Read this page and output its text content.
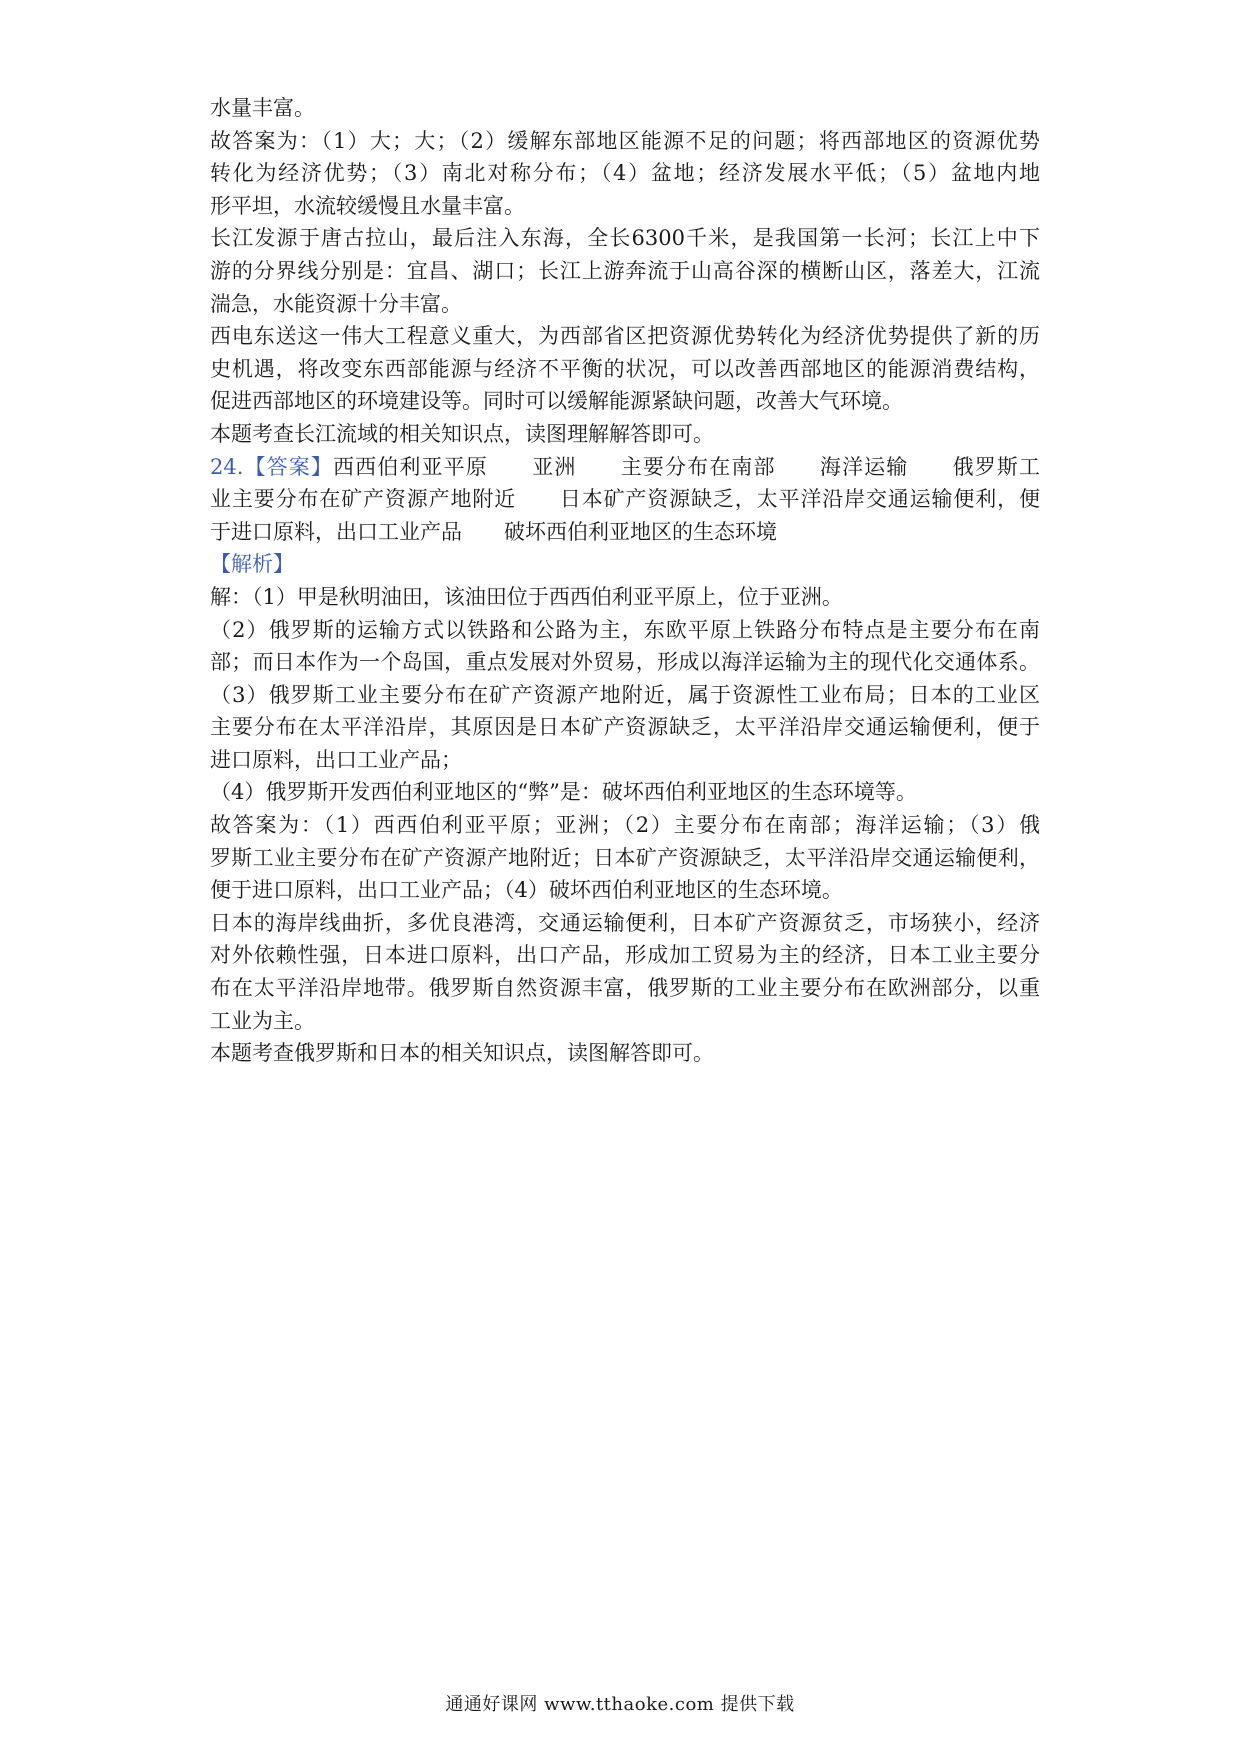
水量丰富。
故答案为：（1）大；大；（2）缓解东部地区能源不足的问题；将西部地区的资源优势
转化为经济优势；（3）南北对称分布；（4）盆地；经济发展水平低；（5）盆地内地
形平坦，水流较缓慢且水量丰富。
长江发源于唐古拉山，最后注入东海，全长6300千米，是我国第一长河；长江上中下
游的分界线分别是：宜昌、湖口；长江上游奔流于山高谷深的横断山区，落差大，江流
湍急，水能资源十分丰富。
西电东送这一伟大工程意义重大，为西部省区把资源优势转化为经济优势提供了新的历
史机遇，将改变东西部能源与经济不平衡的状况，可以改善西部地区的能源消费结构，
促进西部地区的环境建设等。同时可以缓解能源紧缺问题，改善大气环境。
本题考查长江流域的相关知识点，读图理解解答即可。
24.【答案】西西伯利亚平原　　亚洲　　主要分布在南部　　海洋运输　　俄罗斯工
业主要分布在矿产资源产地附近　　日本矿产资源缺乏，太平洋沿岸交通运输便利，便
于进口原料，出口工业产品　　破坏西伯利亚地区的生态环境
【解析】
解：（1）甲是秋明油田，该油田位于西西伯利亚平原上，位于亚洲。
（2）俄罗斯的运输方式以铁路和公路为主，东欧平原上铁路分布特点是主要分布在南
部；而日本作为一个岛国，重点发展对外贸易，形成以海洋运输为主的现代化交通体系。
（3）俄罗斯工业主要分布在矿产资源产地附近，属于资源性工业布局；日本的工业区
主要分布在太平洋沿岸，其原因是日本矿产资源缺乏，太平洋沿岸交通运输便利，便于
进口原料，出口工业产品；
（4）俄罗斯开发西伯利亚地区的“弊”是：破坏西伯利亚地区的生态环境等。
故答案为：（1）西西伯利亚平原；亚洲；（2）主要分布在南部；海洋运输；（3）俄
罗斯工业主要分布在矿产资源产地附近；日本矿产资源缺乏，太平洋沿岸交通运输便利，
便于进口原料，出口工业产品；（4）破坏西伯利亚地区的生态环境。
日本的海岸线曲折，多优良港湾，交通运输便利，日本矿产资源贫乏，市场狭小，经济
对外依赖性强，日本进口原料，出口产品，形成加工贸易为主的经济，日本工业主要分
布在太平洋沿岸地带。俄罗斯自然资源丰富，俄罗斯的工业主要分布在欧洲部分，以重
工业为主。
本题考查俄罗斯和日本的相关知识点，读图解答即可。
通通好课网 www.tthaoke.com 提供下载
